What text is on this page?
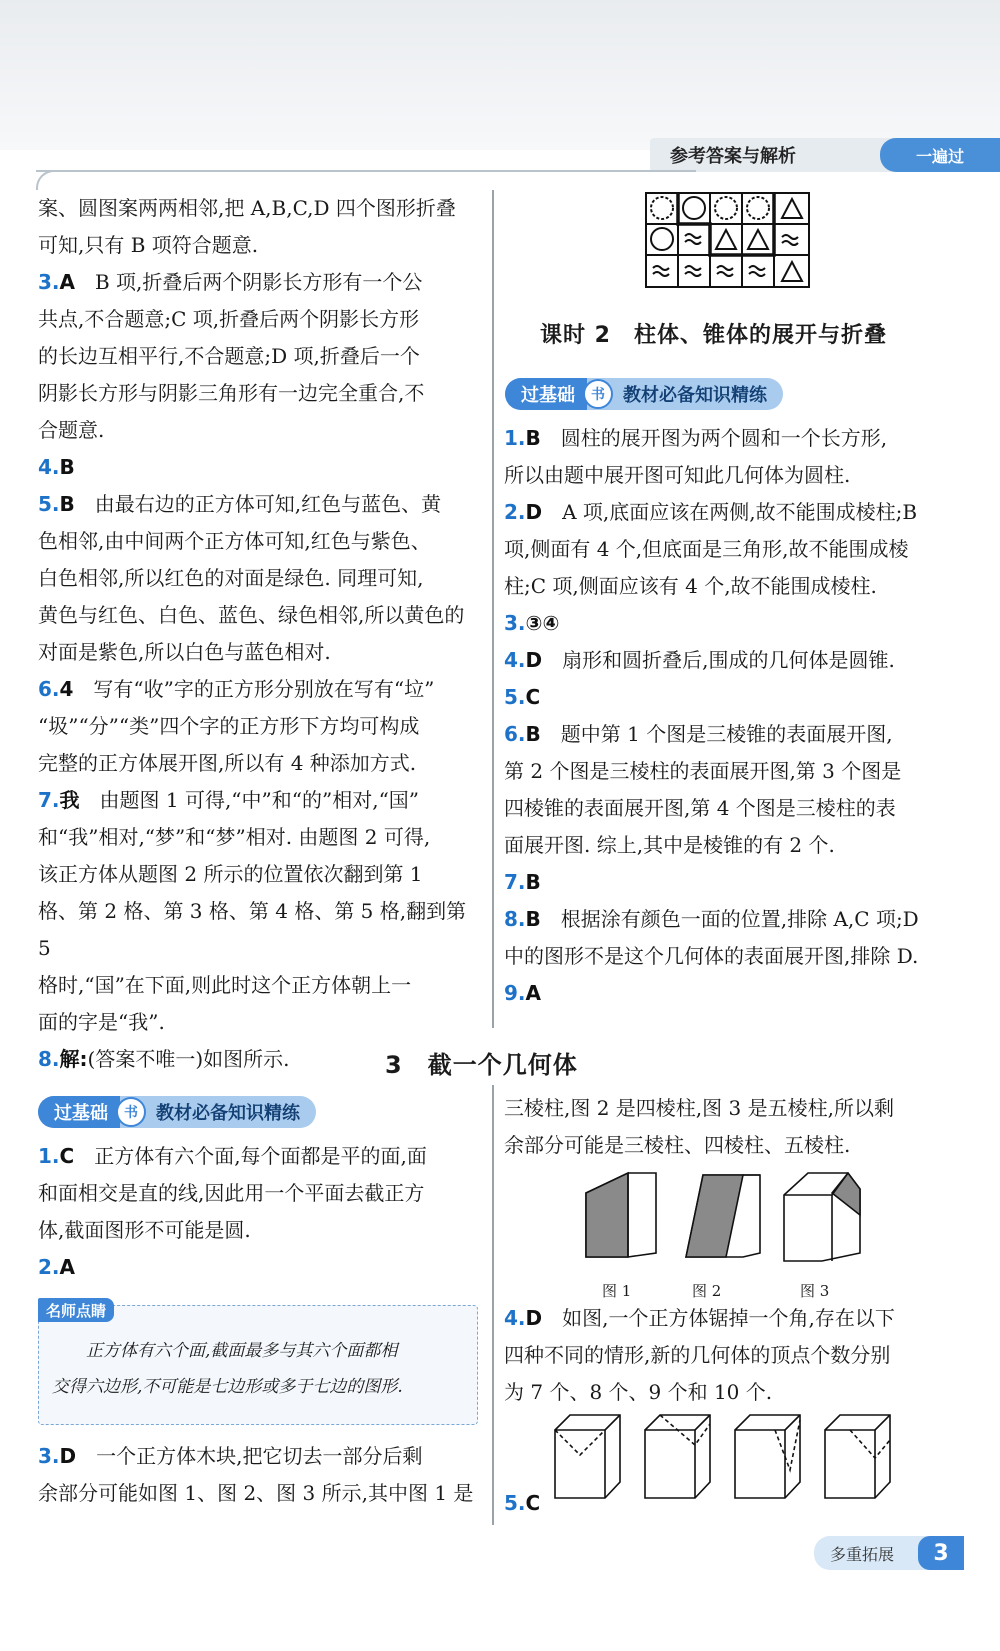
参考答案与解析	一遍过

案、圆图案两两相邻,把 A,B,C,D 四个图形折叠

可知,只有 B 项符合题意.

3.A　B 项,折叠后两个阴影长方形有一个公

共点,不合题意;C 项,折叠后两个阴影长方形

的长边互相平行,不合题意;D 项,折叠后一个

阴影长方形与阴影三角形有一边完全重合,不

合题意.

4.B

5.B　由最右边的正方体可知,红色与蓝色、黄

色相邻,由中间两个正方体可知,红色与紫色、

白色相邻,所以红色的对面是绿色. 同理可知,

黄色与红色、白色、蓝色、绿色相邻,所以黄色的

对面是紫色,所以白色与蓝色相对.

6.4　写有“收”字的正方形分别放在写有“垃”

“圾”“分”“类”四个字的正方形下方均可构成

完整的正方体展开图,所以有 4 种添加方式.

7.我　由题图 1 可得,“中”和“的”相对,“国”

和“我”相对,“梦”和“梦”相对. 由题图 2 可得,

该正方体从题图 2 所示的位置依次翻到第 1

格、第 2 格、第 3 格、第 4 格、第 5 格,翻到第 5

格时,“国”在下面,则此时这个正方体朝上一

面的字是“我”.

8.解:(答案不唯一)如图所示.

课时 2　柱体、锥体的展开与折叠
过基础	书	教材必备知识精练

1.B　圆柱的展开图为两个圆和一个长方形,

所以由题中展开图可知此几何体为圆柱.

2.D　A 项,底面应该在两侧,故不能围成棱柱;B

项,侧面有 4 个,但底面是三角形,故不能围成棱

柱;C 项,侧面应该有 4 个,故不能围成棱柱.

3.③④

4.D　扇形和圆折叠后,围成的几何体是圆锥.

5.C

6.B　题中第 1 个图是三棱锥的表面展开图,

第 2 个图是三棱柱的表面展开图,第 3 个图是

四棱锥的表面展开图,第 4 个图是三棱柱的表

面展开图. 综上,其中是棱锥的有 2 个.

7.B

8.B　根据涂有颜色一面的位置,排除 A,C 项;D

中的图形不是这个几何体的表面展开图,排除 D.

9.A

3　截一个几何体
过基础	书	教材必备知识精练

1.C　正方体有六个面,每个面都是平的面,面

和面相交是直的线,因此用一个平面去截正方

体,截面图形不可能是圆.

2.A

名师点睛
　　正方体有六个面,截面最多与其六个面都相
交得六边形,不可能是七边形或多于七边的图形.

3.D　一个正方体木块,把它切去一部分后剩

余部分可能如图 1、图 2、图 3 所示,其中图 1 是

三棱柱,图 2 是四棱柱,图 3 是五棱柱,所以剩

余部分可能是三棱柱、四棱柱、五棱柱.

图 1	图 2	图 3

4.D　如图,一个正方体锯掉一个角,存在以下

四种不同的情形,新的几何体的顶点个数分别

为 7 个、8 个、9 个和 10 个.

5.C

多重拓展	3
